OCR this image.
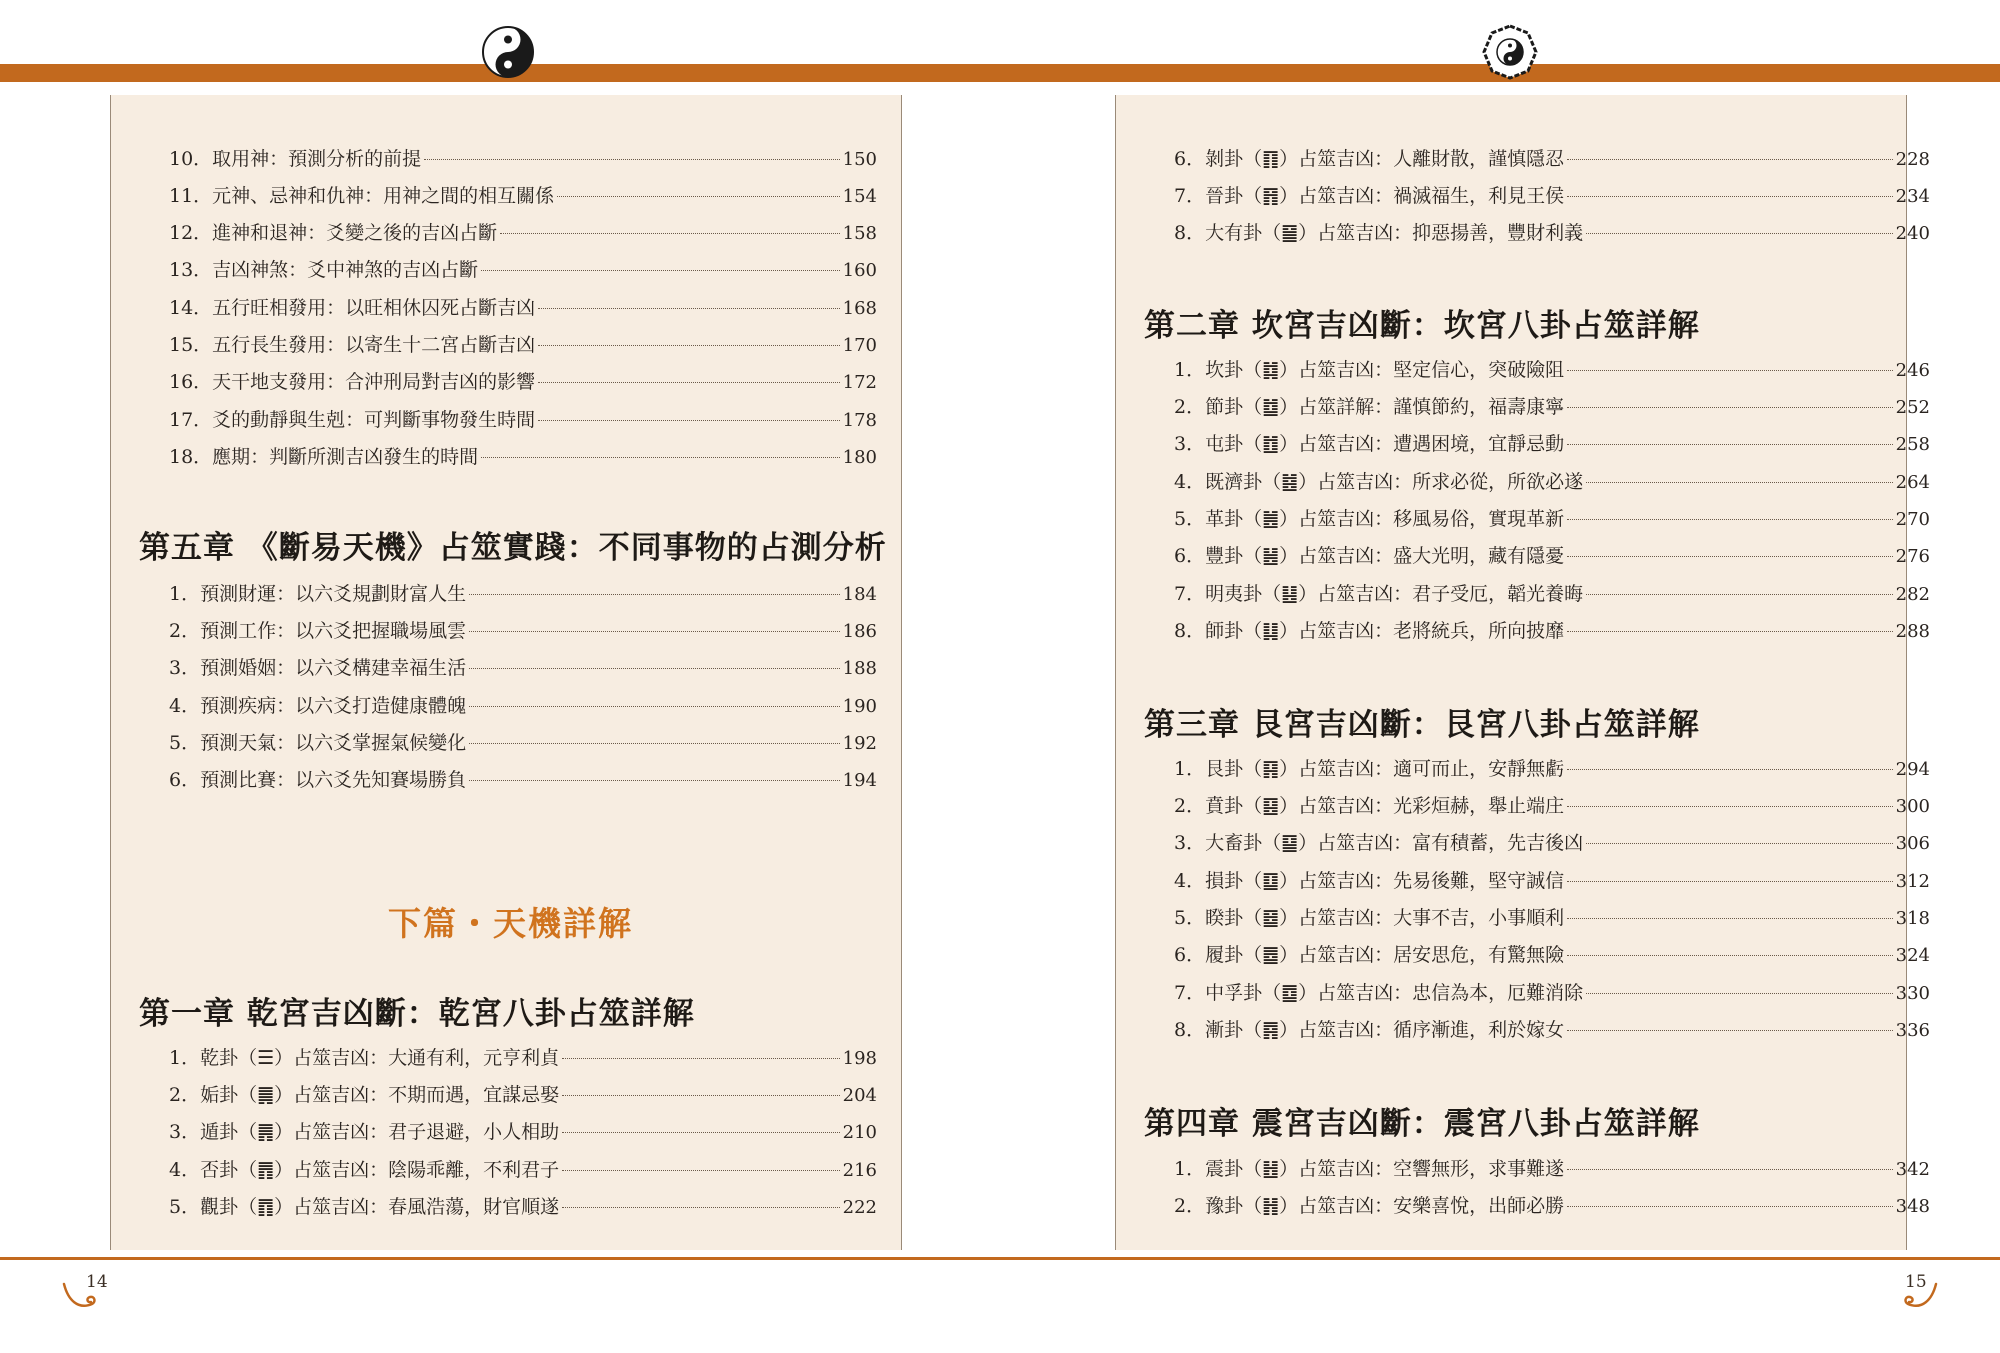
10．取用神：預測分析的前提	150
11．元神、忌神和仇神：用神之間的相互關係	154
12．進神和退神：爻變之後的吉凶占斷	158
13．吉凶神煞：爻中神煞的吉凶占斷	160
14．五行旺相發用：以旺相休囚死占斷吉凶	168
15．五行長生發用：以寄生十二宮占斷吉凶	170
16．天干地支發用：合沖刑局對吉凶的影響	172
17．爻的動靜與生剋：可判斷事物發生時間	178
18．應期：判斷所測吉凶發生的時間	180
第五章 《斷易天機》占筮實踐：不同事物的占測分析
1．預測財運：以六爻規劃財富人生	184
2．預測工作：以六爻把握職場風雲	186
3．預測婚姻：以六爻構建幸福生活	188
4．預測疾病：以六爻打造健康體魄	190
5．預測天氣：以六爻掌握氣候變化	192
6．預測比賽：以六爻先知賽場勝負	194
下篇・天機詳解
第一章 乾宮吉凶斷：乾宮八卦占筮詳解
1．乾卦（☰）占筮吉凶：大通有利，元亨利貞	198
2．姤卦（䷫）占筮吉凶：不期而遇，宜謀忌娶	204
3．遁卦（䷠）占筮吉凶：君子退避，小人相助	210
4．否卦（䷋）占筮吉凶：陰陽乖離，不利君子	216
5．觀卦（䷓）占筮吉凶：春風浩蕩，財官順遂	222
6．剝卦（䷖）占筮吉凶：人離財散，謹慎隱忍	228
7．晉卦（䷢）占筮吉凶：禍滅福生，利見王侯	234
8．大有卦（䷍）占筮吉凶：抑惡揚善，豐財利義	240
第二章 坎宮吉凶斷：坎宮八卦占筮詳解
1．坎卦（䷜）占筮吉凶：堅定信心，突破險阻	246
2．節卦（䷻）占筮詳解：謹慎節約，福壽康寧	252
3．屯卦（䷂）占筮吉凶：遭遇困境，宜靜忌動	258
4．既濟卦（䷾）占筮吉凶：所求必從，所欲必遂	264
5．革卦（䷰）占筮吉凶：移風易俗，實現革新	270
6．豐卦（䷶）占筮吉凶：盛大光明，藏有隱憂	276
7．明夷卦（䷣）占筮吉凶：君子受厄，韜光養晦	282
8．師卦（䷆）占筮吉凶：老將統兵，所向披靡	288
第三章 艮宮吉凶斷：艮宮八卦占筮詳解
1．艮卦（䷳）占筮吉凶：適可而止，安靜無虧	294
2．賁卦（䷕）占筮吉凶：光彩烜赫，舉止端庄	300
3．大畜卦（䷙）占筮吉凶：富有積蓄，先吉後凶	306
4．損卦（䷨）占筮吉凶：先易後難，堅守誠信	312
5．睽卦（䷥）占筮吉凶：大事不吉，小事順利	318
6．履卦（䷉）占筮吉凶：居安思危，有驚無險	324
7．中孚卦（䷼）占筮吉凶：忠信為本，厄難消除	330
8．漸卦（䷴）占筮吉凶：循序漸進，利於嫁女	336
第四章 震宮吉凶斷：震宮八卦占筮詳解
1．震卦（䷲）占筮吉凶：空響無形，求事難遂	342
2．豫卦（䷏）占筮吉凶：安樂喜悅，出師必勝	348
14	15
